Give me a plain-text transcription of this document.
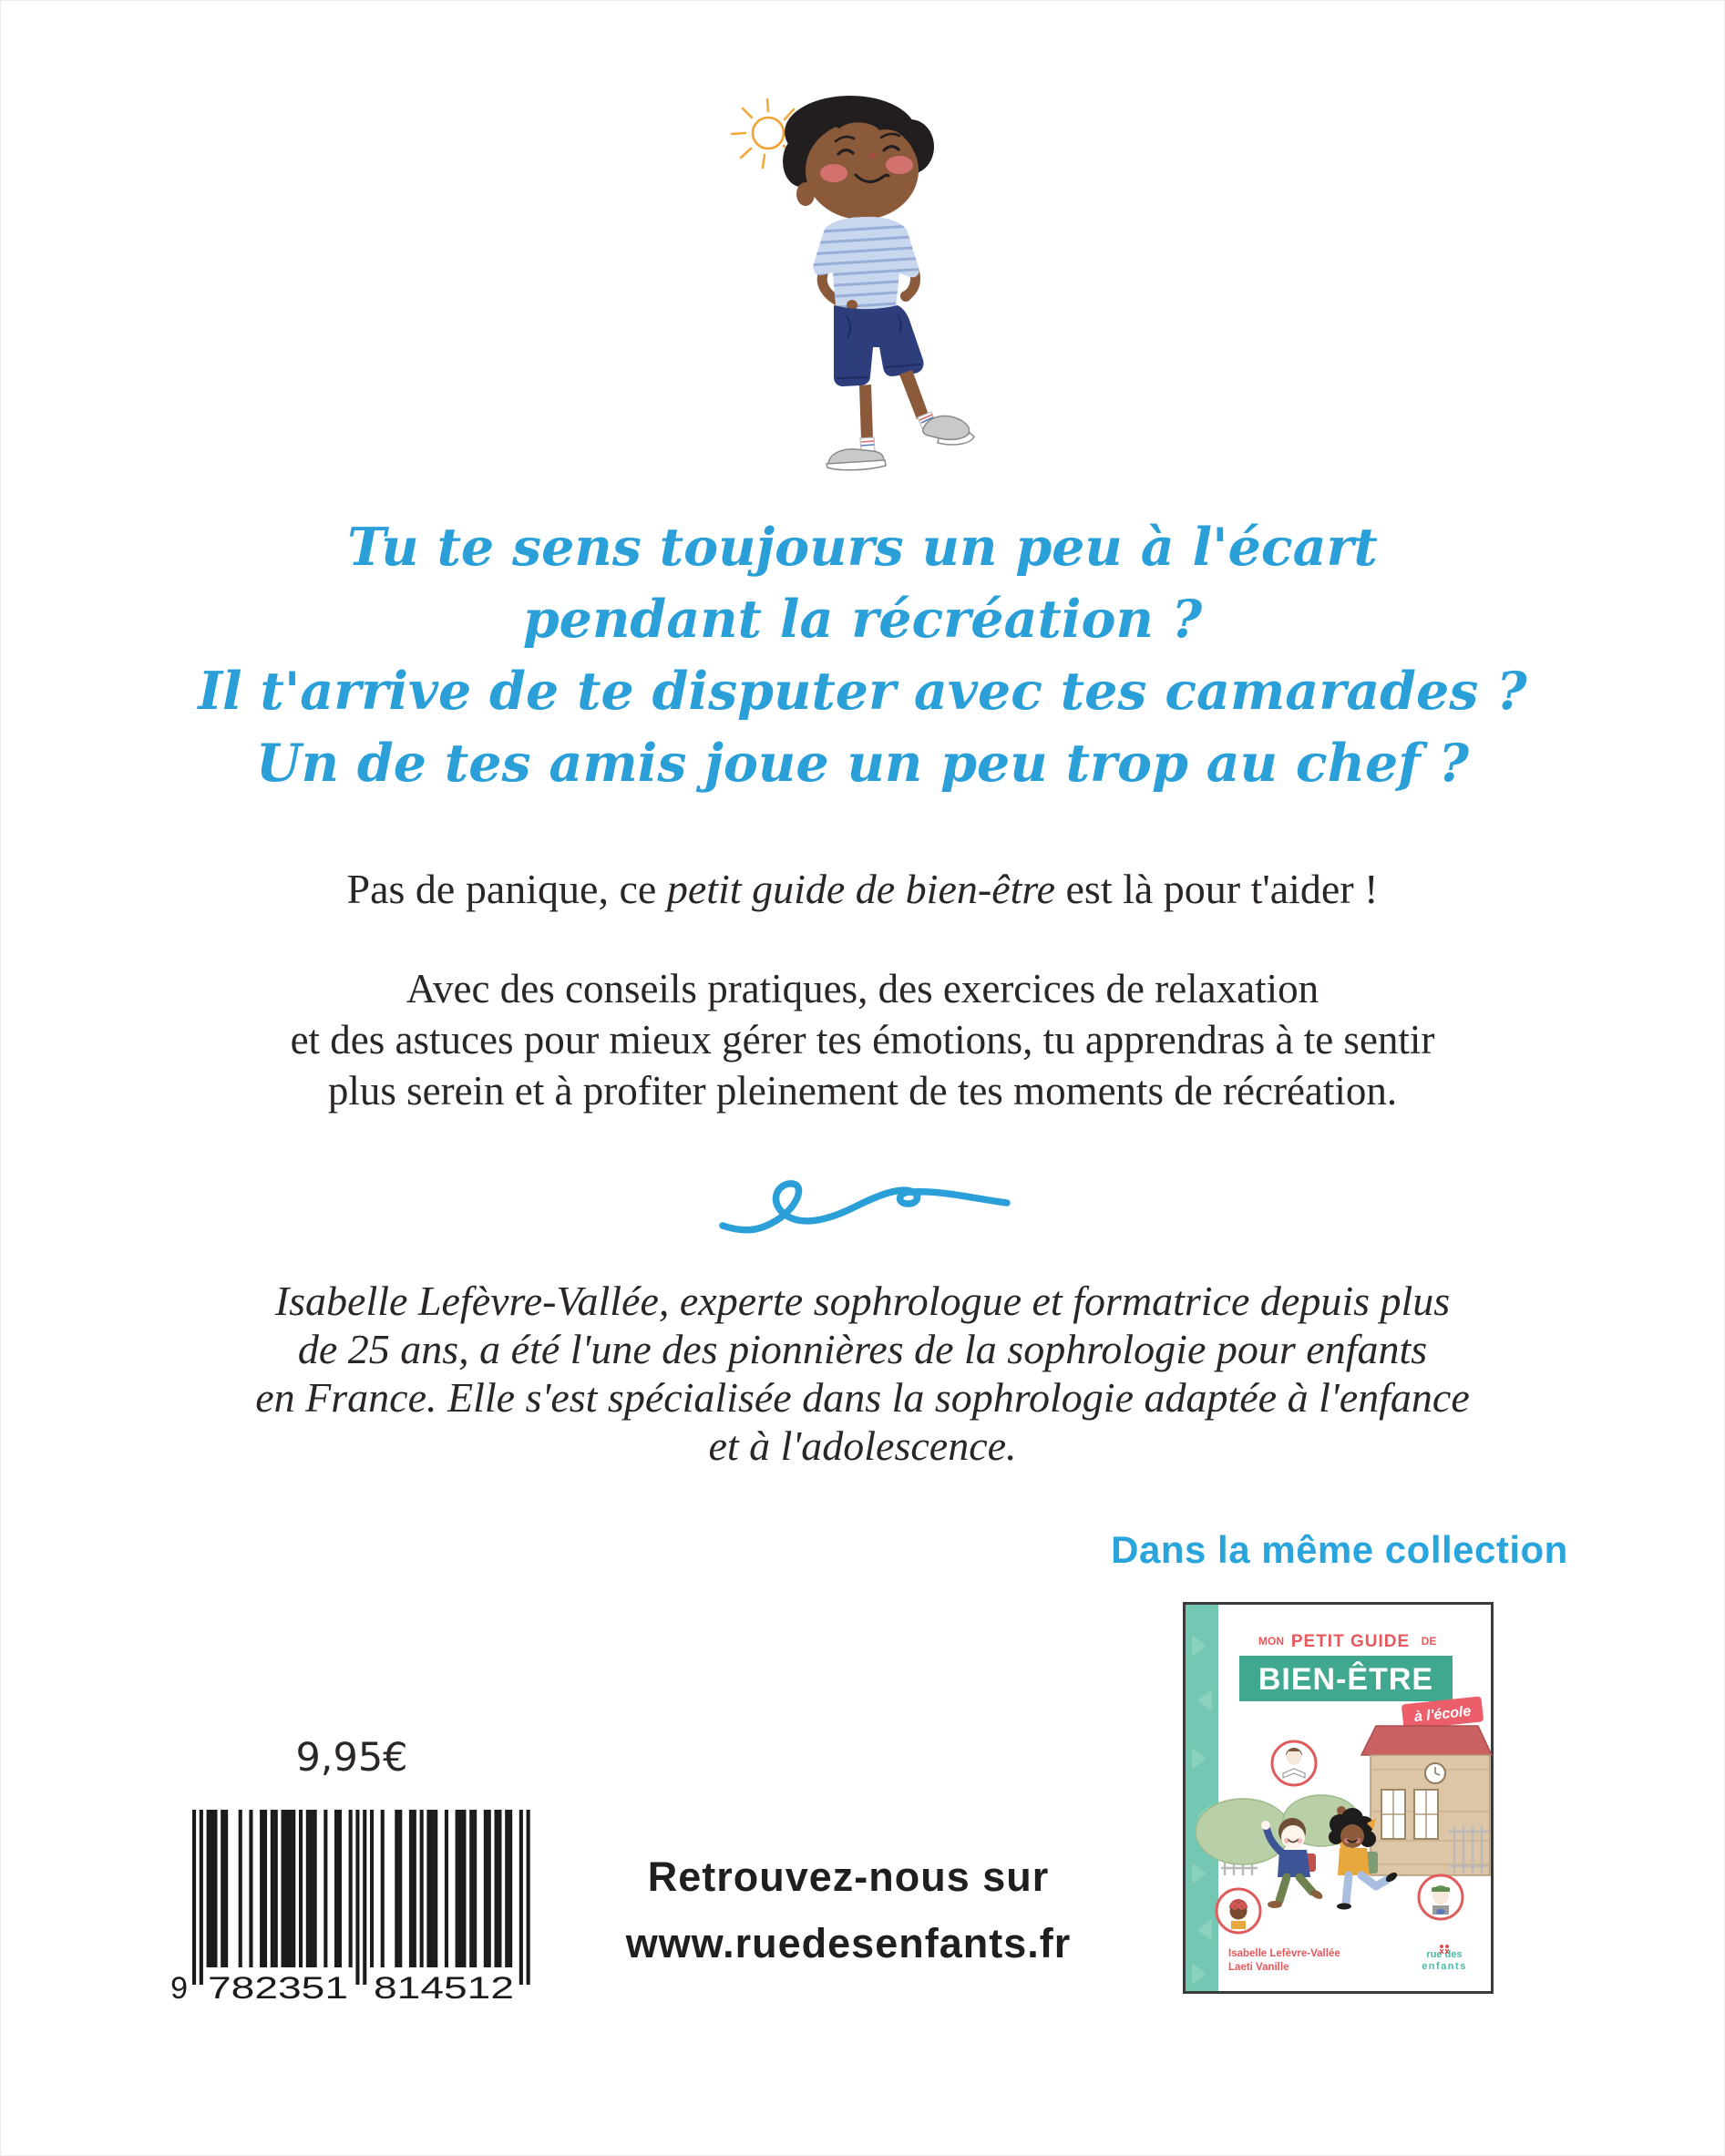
Tu te sens toujours un peu à l'écart
pendant la récréation ?
Il t'arrive de te disputer avec tes camarades ?
Un de tes amis joue un peu trop au chef ?
Pas de panique, ce petit guide de bien-être est là pour t'aider !
Avec des conseils pratiques, des exercices de relaxation
et des astuces pour mieux gérer tes émotions, tu apprendras à te sentir
plus serein et à profiter pleinement de tes moments de récréation.
Isabelle Lefèvre-Vallée, experte sophrologue et formatrice depuis plus
de 25 ans, a été l'une des pionnières de la sophrologie pour enfants
en France. Elle s'est spécialisée dans la sophrologie adaptée à l'enfance
et à l'adolescence.
Dans la même collection
MON PETIT GUIDE DE
BIEN-ÊTRE
à l'école
Isabelle Lefèvre-Vallée
Laeti Vanille
rue des
enfants
9,95€
9 782351 814512
Retrouvez-nous sur
www.ruedesenfants.fr
